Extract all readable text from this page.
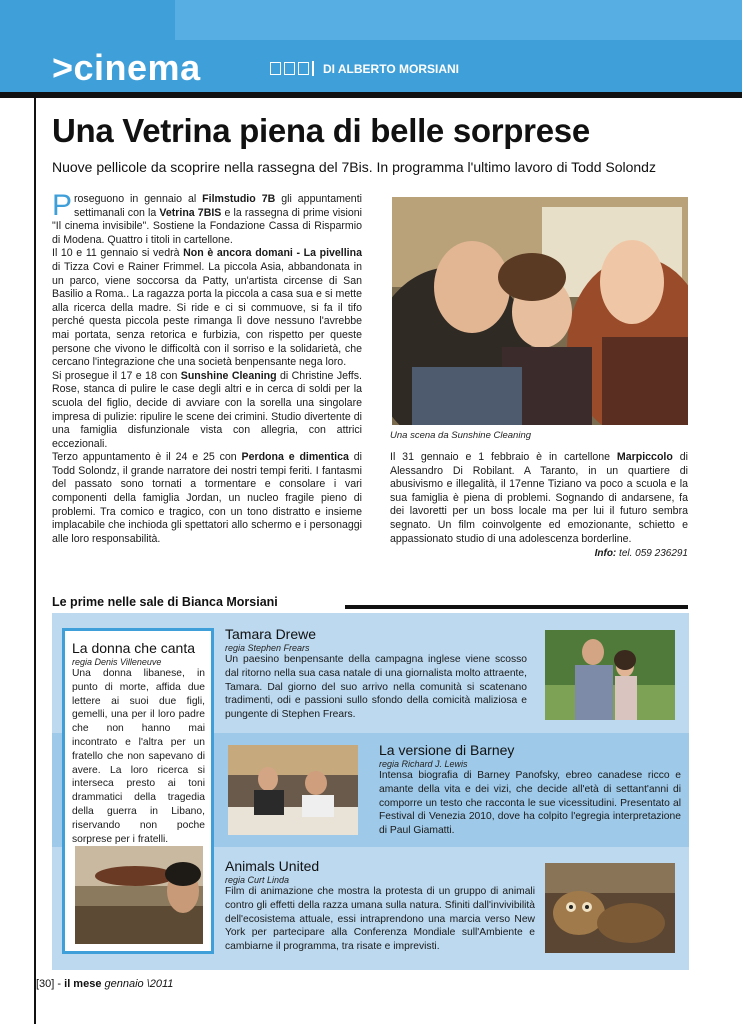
>cinema	DI ALBERTO MORSIANI
Una Vetrina piena di belle sorprese
Nuove pellicole da scoprire nella rassegna del 7Bis. In programma l'ultimo lavoro di Todd Solondz

Proseguono in gennaio al Filmstudio 7B gli appuntamenti settimanali con la Vetrina 7BIS e la rassegna di prime visioni "Il cinema invisibile". Sostiene la Fondazione Cassa di Risparmio di Modena. Quattro i titoli in cartellone.

Il 10 e 11 gennaio si vedrà Non è ancora domani - La pivellina di Tizza Covi e Rainer Frimmel. La piccola Asia, abbandonata in un parco, viene soccorsa da Patty, un'artista circense di San Basilio a Roma.. La ragazza porta la piccola a casa sua e si mette alla ricerca della madre. Si ride e ci si commuove, si fa il tifo perché questa piccola peste rimanga lì dove nessuno l'avrebbe mai portata, senza retorica e furbizia, con rispetto per queste persone che vivono le difficoltà con il sorriso e la solidarietà, che cercano l'integrazione che una società benpensante nega loro.

Si prosegue il 17 e 18 con Sunshine Cleaning di Christine Jeffs. Rose, stanca di pulire le case degli altri e in cerca di soldi per la scuola del figlio, decide di avviare con la sorella una singolare impresa di pulizie: ripulire le scene dei crimini. Studio divertente di una famiglia disfunzionale vista con allegria, con attrici eccezionali.

Terzo appuntamento è il 24 e 25 con Perdona e dimentica di Todd Solondz, il grande narratore dei nostri tempi feriti. I fantasmi del passato sono tornati a tormentare e consolare i vari componenti della famiglia Jordan, un nucleo fragile pieno di problemi. Tra comico e tragico, con un tono distratto e insieme implacabile che inchioda gli spettatori allo schermo e i personaggi alle loro responsabilità.

Una scena da Sunshine Cleaning

Il 31 gennaio e 1 febbraio è in cartellone Marpiccolo di Alessandro Di Robilant. A Taranto, in un quartiere di abusivismo e illegalità, il 17enne Tiziano va poco a scuola e la sua famiglia è piena di problemi. Sognando di andarsene, fa dei lavoretti per un boss locale ma per lui il futuro sembra segnato. Un film coinvolgente ed emozionante, schietto e appassionato studio di una adolescenza borderline.

Info: tel. 059 236291
Le prime nelle sale di Bianca Morsiani
La donna che canta
regia Denis Villeneuve
Una donna libanese, in punto di morte, affida due lettere ai suoi due figli, gemelli, una per il loro padre che non hanno mai incontrato e l'altra per un fratello che non sapevano di avere. La loro ricerca si interseca presto ai toni drammatici della tragedia della guerra in Libano, riservando non poche sorprese per i fratelli.
Tamara Drewe
regia Stephen Frears
Un paesino benpensante della campagna inglese viene scosso dal ritorno nella sua casa natale di una giornalista molto attraente, Tamara. Dal giorno del suo arrivo nella comunità si scatenano tradimenti, odi e passioni sullo sfondo della comicità maliziosa e pungente di Stephen Frears.
La versione di Barney
regia Richard J. Lewis
Intensa biografia di Barney Panofsky, ebreo canadese ricco e amante della vita e dei vizi, che decide all'età di settant'anni di comporre un testo che racconta le sue vicessitudini. Presentato al Festival di Venezia 2010, dove ha colpito l'egregia interpretazione di Paul Giamatti.
Animals United
regia Curt Linda
Film di animazione che mostra la protesta di un gruppo di animali contro gli effetti della razza umana sulla natura. Sfiniti dall'invivibilità dell'ecosistema attuale, essi intraprendono una marcia verso New York per partecipare alla Conferenza Mondiale sull'Ambiente e cambiarne il programma, tra risate e imprevisti.
[30] - il mese gennaio \2011
